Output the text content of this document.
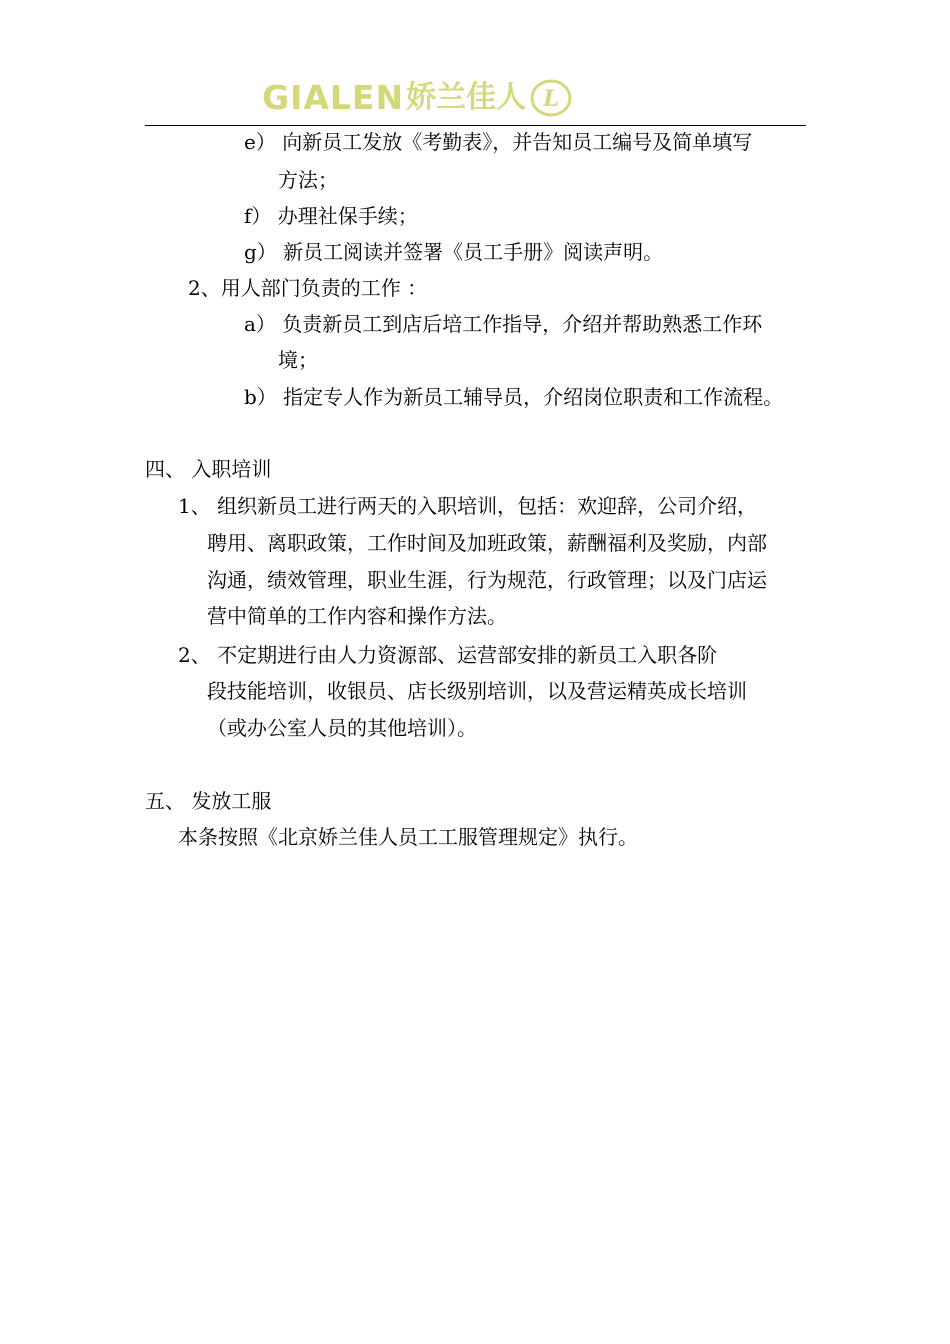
GIALEN 娇兰佳人 L
e） 向新员工发放《考勤表》，并告知员工编号及简单填写
方法；
f） 办理社保手续；
g） 新员工阅读并签署《员工手册》阅读声明。
2、用人部门负责的工作 ：
a） 负责新员工到店后培工作指导，介绍并帮助熟悉工作环
境；
b） 指定专人作为新员工辅导员，介绍岗位职责和工作流程。
四、 入职培训
1、 组织新员工进行两天的入职培训，包括：欢迎辞，公司介绍，
聘用、离职政策，工作时间及加班政策，薪酬福利及奖励，内部
沟通，绩效管理，职业生涯，行为规范，行政管理；以及门店运
营中简单的工作内容和操作方法。
2、 不定期进行由人力资源部、运营部安排的新员工入职各阶
段技能培训，收银员、店长级别培训，以及营运精英成长培训
（或办公室人员的其他培训）。
五、 发放工服
本条按照《北京娇兰佳人员工工服管理规定》执行。
